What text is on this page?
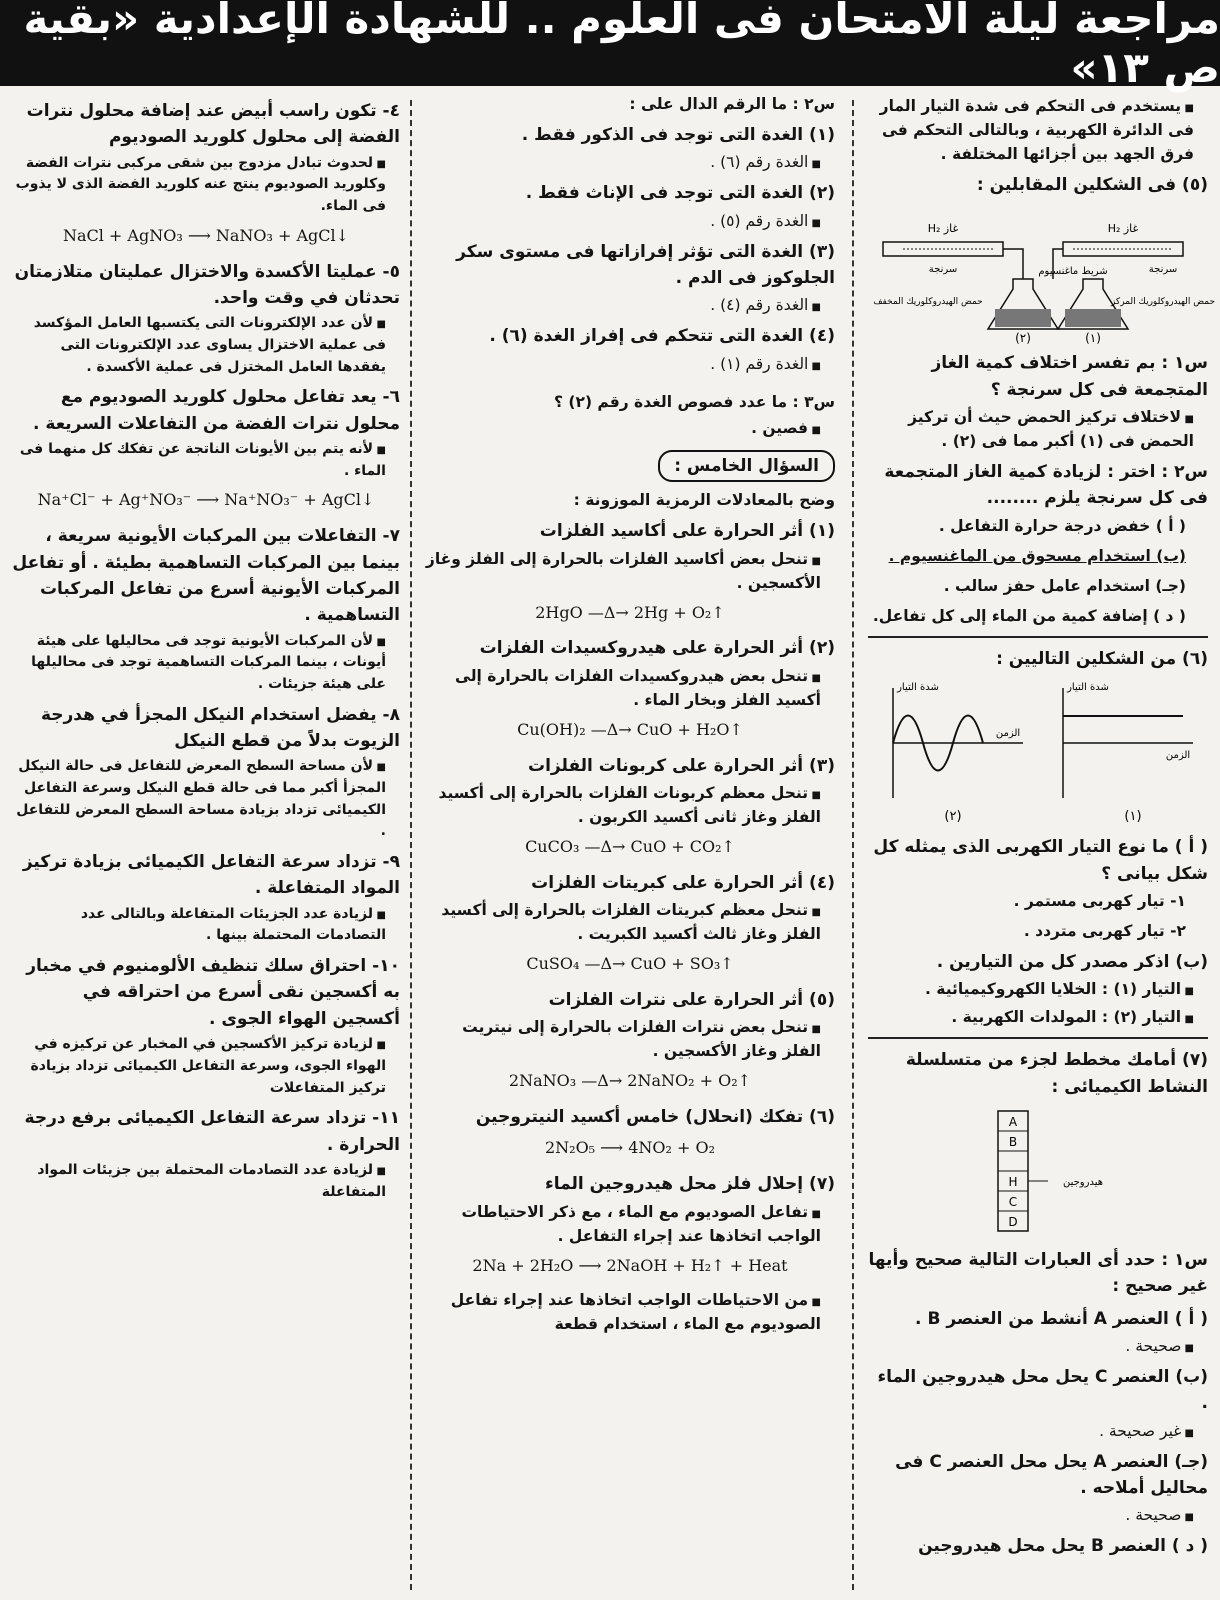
مراجعة ليلة الامتحان فى العلوم .. للشهادة الإعدادية «بقية ص ١٣»
■ يستخدم فى التحكم فى شدة التيار المار فى الدائرة الكهربية ، وبالتالى التحكم فى فرق الجهد بين أجزائها المختلفة .
(٥) فى الشكلين المقابلين :
غاز H₂	غاز H₂
سرنجة	سرنجة
شريط ماغنسيوم
حمض الهيدروكلوريك المخفف	حمض الهيدروكلوريك المركز
(٢)	(١)
س١ : بم تفسر اختلاف كمية الغاز المتجمعة فى كل سرنجة ؟
■ لاختلاف تركيز الحمض حيث أن تركيز الحمض فى (١) أكبر مما فى (٢) .
س٢ : اختر : لزيادة كمية الغاز المتجمعة فى كل سرنجة يلزم ........
( أ ) خفض درجة حرارة التفاعل .
(ب) استخدام مسحوق من الماغنسيوم .
(جـ) استخدام عامل حفز سالب .
( د ) إضافة كمية من الماء إلى كل تفاعل.
(٦) من الشكلين التاليين :
شدة التيار	شدة التيار
الزمن
الزمن
(٢)	(١)
( أ ) ما نوع التيار الكهربى الذى يمثله كل شكل بيانى ؟
١- تيار كهربى مستمر .
٢- تيار كهربى متردد .
(ب) اذكر مصدر كل من التيارين .
■ التيار (١) : الخلايا الكهروكيميائية .
■ التيار (٢) : المولدات الكهربية .
(٧) أمامك مخطط لجزء من متسلسلة النشاط الكيميائى :
A
B
H
C
D
هيدروجين
س١ : حدد أى العبارات التالية صحيح وأيها غير صحيح :
( أ ) العنصر A أنشط من العنصر B .
■ صحيحة .
(ب) العنصر C يحل محل هيدروجين الماء .
■ غير صحيحة .
(جـ) العنصر A يحل محل العنصر C فى محاليل أملاحه .
■ صحيحة .
( د ) العنصر B يحل محل هيدروجين
س٢ : ما الرقم الدال على :
(١) الغدة التى توجد فى الذكور فقط .
■ الغدة رقم (٦) .
(٢) الغدة التى توجد فى الإناث فقط .
■ الغدة رقم (٥) .
(٣) الغدة التى تؤثر إفرازاتها فى مستوى سكر الجلوكوز فى الدم .
■ الغدة رقم (٤) .
(٤) الغدة التى تتحكم فى إفراز الغدة (٦) .
■ الغدة رقم (١) .
س٣ : ما عدد فصوص الغدة رقم (٢) ؟
■ فصين .
السؤال الخامس :
وضح بالمعادلات الرمزية الموزونة :
(١) أثر الحرارة على أكاسيد الفلزات
■ تنحل بعض أكاسيد الفلزات بالحرارة إلى الفلز وغاز الأكسجين .
2HgO —Δ→ 2Hg + O₂↑
(٢) أثر الحرارة على هيدروكسيدات الفلزات
■ تنحل بعض هيدروكسيدات الفلزات بالحرارة إلى أكسيد الفلز وبخار الماء .
Cu(OH)₂ —Δ→ CuO + H₂O↑
(٣) أثر الحرارة على كربونات الفلزات
■ تنحل معظم كربونات الفلزات بالحرارة إلى أكسيد الفلز وغاز ثانى أكسيد الكربون .
CuCO₃ —Δ→ CuO + CO₂↑
(٤) أثر الحرارة على كبريتات الفلزات
■ تنحل معظم كبريتات الفلزات بالحرارة إلى أكسيد الفلز وغاز ثالث أكسيد الكبريت .
CuSO₄ —Δ→ CuO + SO₃↑
(٥) أثر الحرارة على نترات الفلزات
■ تنحل بعض نترات الفلزات بالحرارة إلى نيتريت الفلز وغاز الأكسجين .
2NaNO₃ —Δ→ 2NaNO₂ + O₂↑
(٦) تفكك (انحلال) خامس أكسيد النيتروجين
2N₂O₅ ⟶ 4NO₂ + O₂
(٧) إحلال فلز محل هيدروجين الماء
■ تفاعل الصوديوم مع الماء ، مع ذكر الاحتياطات الواجب اتخاذها عند إجراء التفاعل .
2Na + 2H₂O ⟶ 2NaOH + H₂↑ + Heat
■ من الاحتياطات الواجب اتخاذها عند إجراء تفاعل الصوديوم مع الماء ، استخدام قطعة
٤- تكون راسب أبيض عند إضافة محلول نترات الفضة إلى محلول كلوريد الصوديوم
■ لحدوث تبادل مزدوج بين شقى مركبى نترات الفضة وكلوريد الصوديوم ينتج عنه كلوريد الفضة الذى لا يذوب فى الماء.
NaCl + AgNO₃ ⟶ NaNO₃ + AgCl↓
٥- عمليتا الأكسدة والاختزال عمليتان متلازمتان تحدثان في وقت واحد.
■ لأن عدد الإلكترونات التى يكتسبها العامل المؤكسد فى عملية الاختزال يساوى عدد الإلكترونات التى يفقدها العامل المختزل فى عملية الأكسدة .
٦- يعد تفاعل محلول كلوريد الصوديوم مع محلول نترات الفضة من التفاعلات السريعة .
■ لأنه يتم بين الأيونات الناتجة عن تفكك كل منهما فى الماء .
Na⁺Cl⁻ + Ag⁺NO₃⁻ ⟶ Na⁺NO₃⁻ + AgCl↓
٧- التفاعلات بين المركبات الأيونية سريعة ، بينما بين المركبات التساهمية بطيئة . أو تفاعل المركبات الأيونية أسرع من تفاعل المركبات التساهمية .
■ لأن المركبات الأيونية توجد فى محاليلها على هيئة أيونات ، بينما المركبات التساهمية توجد فى محاليلها على هيئة جزيئات .
٨- يفضل استخدام النيكل المجزأ في هدرجة الزيوت بدلاً من قطع النيكل
■ لأن مساحة السطح المعرض للتفاعل فى حالة النيكل المجزأ أكبر مما فى حالة قطع النيكل وسرعة التفاعل الكيميائى تزداد بزيادة مساحة السطح المعرض للتفاعل .
٩- تزداد سرعة التفاعل الكيميائى بزيادة تركيز المواد المتفاعلة .
■ لزيادة عدد الجزيئات المتفاعلة وبالتالى عدد التصادمات المحتملة بينها .
١٠- احتراق سلك تنظيف الألومنيوم في مخبار به أكسجين نقى أسرع من احتراقه في أكسجين الهواء الجوى .
■ لزيادة تركيز الأكسجين في المخبار عن تركيزه في الهواء الجوى، وسرعة التفاعل الكيميائى تزداد بزيادة تركيز المتفاعلات
١١- تزداد سرعة التفاعل الكيميائى برفع درجة الحرارة .
■ لزيادة عدد التصادمات المحتملة بين جزيئات المواد المتفاعلة
